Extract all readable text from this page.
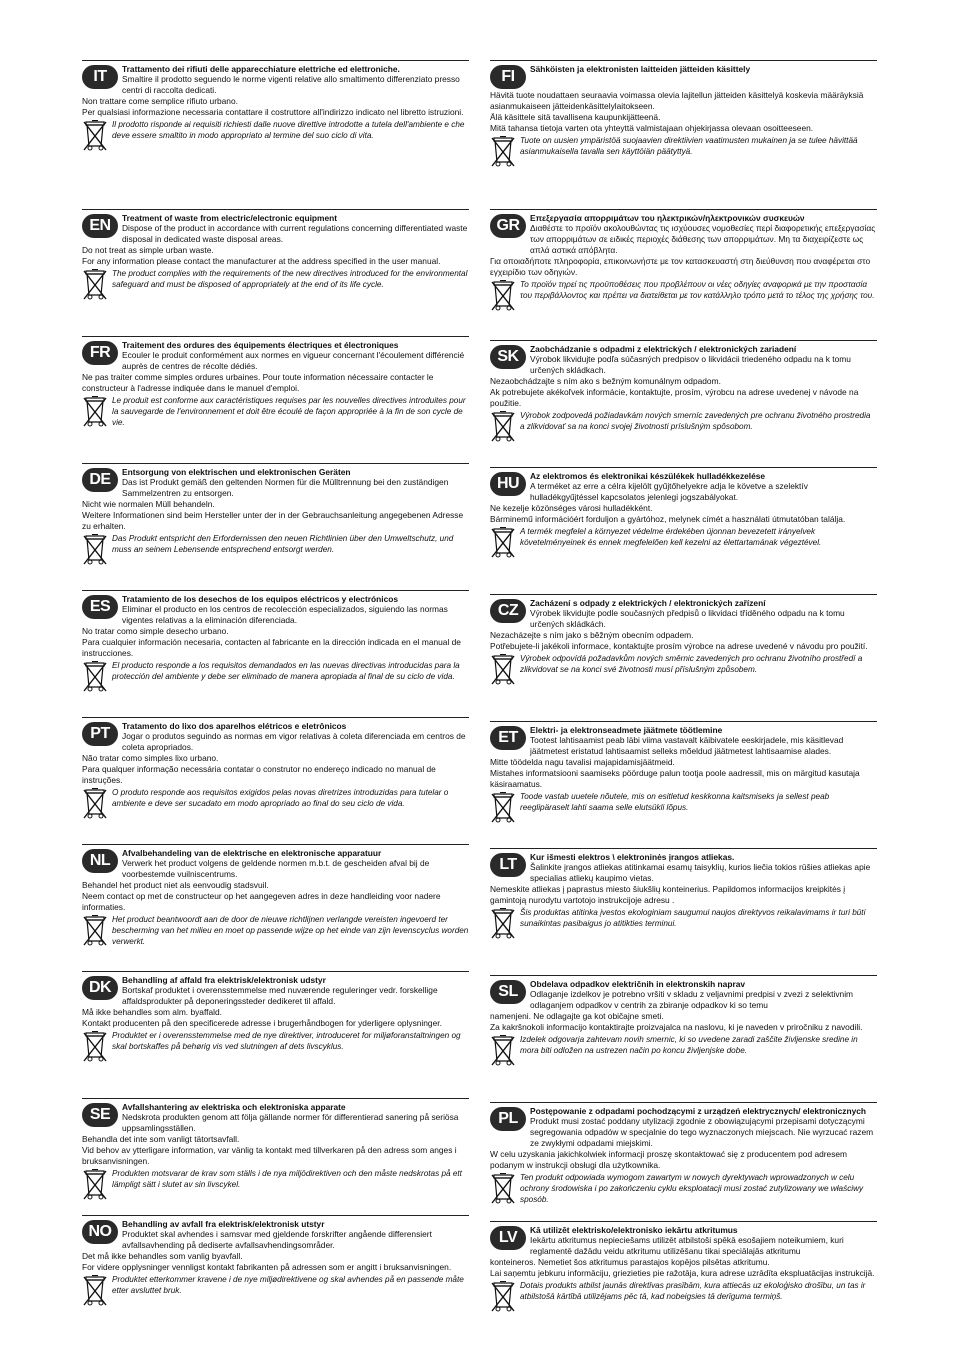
IT	Trattamento dei rifiuti delle apparecchiature elettriche ed elettroniche.
Smaltire il prodotto seguendo le norme vigenti relative allo smaltimento differenziato presso centri di raccolta dedicati.
Non trattare come semplice rifiuto urbano.
Per qualsiasi informazione necessaria contattare il costruttore all'indirizzo indicato nel libretto istruzioni.
Il prodotto risponde ai requisiti richiesti dalle nuove direttive introdotte a tutela dell'ambiente e che deve essere smaltito in modo appropriato al termine del suo ciclo di vita.
EN	Treatment of waste from electric/electronic equipment
Dispose of the product in accordance with current regulations concerning differentiated waste disposal in dedicated waste disposal areas.
Do not treat as simple urban waste.
For any information please contact the manufacturer at the address specified in the user manual.
The product complies with the requirements of the new directives introduced for the environmental safeguard and must be disposed of appropriately at the end of its life cycle.
FR	Traitement des ordures des équipements électriques et électroniques
Ecouler le produit conformément aux normes en vigueur concernant l'écoulement différencié auprès de centres de récolte dédiés.
Ne pas traiter comme simples ordures urbaines. Pour toute information nécessaire contacter le constructeur à l'adresse indiquée dans le manuel d'emploi.
Le produit est conforme aux caractéristiques requises par les nouvelles directives introduites pour la sauvegarde de l'environnement et doit être écoulé de façon appropriée à la fin de son cycle de vie.
DE	Entsorgung von elektrischen und elektronischen Geräten
Das ist Produkt gemäß den geltenden Normen für die Mülltrennung bei den zuständigen Sammelzentren zu entsorgen.
Nicht wie normalen Müll behandeln.
Weitere Informationen sind beim Hersteller unter der in der Gebrauchsanleitung angegebenen Adresse zu erhalten.
Das Produkt entspricht den Erfordernissen den neuen Richtlinien über den Umweltschutz, und muss an seinem Lebensende entsprechend entsorgt werden.
ES	Tratamiento de los desechos de los equipos eléctricos y electrónicos
Eliminar el producto en los centros de recolección especializados, siguiendo las normas vigentes relativas a la eliminación diferenciada.
No tratar como simple desecho urbano.
Para cualquier información necesaria, contacten al fabricante en la dirección indicada en el manual de instrucciones.
El producto responde a los requisitos demandados en las nuevas directivas introducidas para la protección del ambiente y debe ser eliminado de manera apropiada al final de su ciclo de vida.
PT	Tratamento do lixo dos aparelhos elétricos e eletrônicos
Jogar o produtos seguindo as normas em vigor relativas à coleta diferenciada em centros de coleta apropriados.
Não tratar como simples lixo urbano.
Para qualquer informação necessária contatar o construtor no endereço indicado no manual de instruções.
O produto responde aos requisitos exigidos pelas novas diretrizes introduzidas para tutelar o ambiente e deve ser sucadato em modo apropriado ao final do seu ciclo de vida.
NL	Afvalbehandeling van de elektrische en elektronische apparatuur
Verwerk het product volgens de geldende normen m.b.t. de gescheiden afval bij de voorbestemde vuilniscentrums.
Behandel het product niet als eenvoudig stadsvuil.
Neem contact op met de constructeur op het aangegeven adres in deze handleiding voor nadere informaties.
Het product beantwoordt aan de door de nieuwe richtlijnen verlangde vereisten ingevoerd ter bescherming van het milieu en moet op passende wijze op het einde van zijn levenscyclus worden verwerkt.
DK	Behandling af affald fra elektrisk/elektronisk udstyr
Bortskaf produktet i overensstemmelse med nuværende reguleringer vedr. forskellige affaldsprodukter på deponeringssteder dedikeret til affald.
Må ikke behandles som alm. byaffald.
Kontakt producenten på den specificerede adresse i brugerhåndbogen for yderligere oplysninger.
Produktet er i overensstemmelse med de nye direktiver, introduceret for miljøforanstaltningen og skal bortskaffes på behørig vis ved slutningen af dets livscyklus.
SE	Avfallshantering av elektriska och elektroniska apparate
Nedskrota produkten genom att följa gällande normer för differentierad sanering på seriösa uppsamlingsställen.
Behandla det inte som vanligt tätortsavfall.
Vid behov av ytterligare information, var vänlig ta kontakt med tillverkaren på den adress som anges i bruksanvisningen.
Produkten motsvarar de krav som ställs i de nya miljödirektiven och den måste nedskrotas på ett lämpligt sätt i slutet av sin livscykel.
NO	Behandling av avfall fra elektrisk/elektronisk utstyr
Produktet skal avhendes i samsvar med gjeldende forskrifter angående differensiert avfallsavhending på dediserte avfallsavhendingsområder.
Det må ikke behandles som vanlig byavfall.
For videre opplysninger vennligst kontakt fabrikanten på adressen som er angitt i bruksanvisningen.
Produktet etterkommer kravene i de nye miljødirektivene og skal avhendes på en passende måte etter avsluttet bruk.
FI	Sähköisten ja elektronisten laitteiden jätteiden käsittely
Hävitä tuote noudattaen seuraavia voimassa olevia lajitellun jätteiden käsittelyä koskevia määräyksiä asianmukaiseen jätteidenkäsittelylaitokseen.
Älä käsittele sitä tavallisena kaupunkijätteenä.
Mitä tahansa tietoja varten ota yhteyttä valmistajaan ohjekirjassa olevaan osoitteeseen.
Tuote on uusien ympäristöä suojaavien direktiivien vaatimusten mukainen ja se tulee hävittää asianmukaisella tavalla sen käyttöiän päätyttyä.
GR	Επεξεργασία απορριμάτων του ηλεκτρικών/ηλεκτρονικών συσκευών
Διαθέστε το προϊόν ακολουθώντας τις ισχύουσες νομοθεσίες περί διαφορετικής επεξεργασίας των απορριμάτων σε ειδικές περιοχές διάθεσης των απορριμάτων. Μη τα διαχειρίζεστε ως απλά αστικά απόβλητα.
Για οποιαδήποτε πληροφορία, επικοινωνήστε με τον κατασκευαστή στη διεύθυνση που αναφέρεται στο εγχειρίδιο των οδηγιών.
Το προϊόν τηρεί τις προϋποθέσεις που προβλέπουν οι νέες οδηγίες αναφορικά με την προστασία του περιβάλλοντος και πρέπει να διατείθεται με τον κατάλληλο τρόπο μετά το τέλος της χρήσης του.
SK	Zaobchádzanie s odpadmi z elektrických / elektronických zariadení
Výrobok likvidujte podľa súčasných predpisov o likvidácii triedeného odpadu na k tomu určených skládkach.
Nezaobchádzajte s ním ako s bežným komunálnym odpadom.
Ak potrebujete akékoľvek informácie, kontaktujte, prosím, výrobcu na adrese uvedenej v návode na použitie.
Výrobok zodpovedá požiadavkám nových smerníc zavedených pre ochranu životného prostredia a zlikvidovať sa na konci svojej životnosti príslušným spôsobom.
HU	Az elektromos és elektronikai készülékek hulladékkezelése
A terméket az erre a célra kijelölt gyűjtőhelyekre adja le követve a szelektív hulladékgyűjtéssel kapcsolatos jelenlegi jogszabályokat.
Ne kezelje közönséges városi hulladékként.
Bárminemű információért forduljon a gyártóhoz, melynek címét a használati útmutatóban találja.
A termék megfelel a környezet védelme érdekében újonnan bevezetett irányelvek követelményeinek és ennek megfelelően kell kezelni az élettartamának végeztével.
CZ	Zacházení s odpady z elektrických / elektronických zařízení
Výrobek likvidujte podle současných předpisů o likvidaci tříděného odpadu na k tomu určených skládkách.
Nezacházejte s ním jako s běžným obecním odpadem.
Potřebujete-li jakékoli informace, kontaktujte prosím výrobce na adrese uvedené v návodu pro použití.
Výrobek odpovídá požadavkům nových směrnic zavedených pro ochranu životního prostředí a zlikvidovat se na konci své životnosti musí příslušným způsobem.
ET	Elektri- ja elektronseadmete jäätmete töötlemine
Tootest lahtisaamist peab läbi viima vastavalt käibivatele eeskirjadele, mis käsitlevad jäätmetest eristatud lahtisaamist selleks mõeldud jäätmetest lahtisaamise alades.
Mitte töödelda nagu tavalisi majapidamisjäätmeid.
Mistahes informatsiooni saamiseks pöörduge palun tootja poole aadressil, mis on märgitud kasutaja käsiraamatus.
Toode vastab uuetele nõutele, mis on esitletud keskkonna kaitsmiseks ja sellest peab reeglipäraselt lahti saama selle elutsükli lõpus.
LT	Kur išmesti elektros \ elektroninės įrangos atliekas.
Šalinkite įrangos atliekas atitinkamai esamų taisyklių, kurios liečia tokios rūšies atliekas apie specialias atliekų kaupimo vietas.
Nemeskite atliekas į paprastus miesto šiukšlių konteinerius. Papildomos informacijos kreipkitės į gamintoją nurodytu vartotojo instrukcijoje adresu .
Šis produktas atitinka įvestos ekologiniam saugumui naujos direktyvos reikalavimams ir turi būti sunaikintas pasibaigus jo atitikties terminui.
SL	Obdelava odpadkov električnih in elektronskih naprav
Odlaganje izdelkov je potrebno vršiti v skladu z veljavnimi predpisi v zvezi z selektivnim odlaganjem odpadkov v centrih za zbiranje odpadkov ki so temu
namenjeni. Ne odlagajte ga kot običajne smeti.
Za kakršnokoli informacijo kontaktirajte proizvajalca na naslovu, ki je naveden v priročniku z navodili.
Izdelek odgovarja zahtevam novih smernic, ki so uvedene zaradi zaščite življenske sredine in mora biti odložen na ustrezen način po koncu življenjske dobe.
PL	Postępowanie z odpadami pochodzącymi z urządzeń elektrycznych/ elektronicznych
Produkt musi zostać poddany utylizacji zgodnie z obowiązującymi przepisami dotyczącymi segregowania odpadów w specjalnie do tego wyznaczonych miejscach. Nie wyrzucać razem ze zwykłymi odpadami miejskimi.
W celu uzyskania jakichkolwiek informacji proszę skontaktować się z producentem pod adresem podanym w instrukcji obsługi dla użytkownika.
Ten produkt odpowiada wymogom zawartym w nowych dyrektywach wprowadzonych w celu ochrony środowiska i po zakończeniu cyklu eksploatacji musi zostać zutylizowany we właściwy sposób.
LV	Kā utilizēt elektrisko/elektronisko iekārtu atkritumus
Iekārtu atkritumus nepieciešams utilizēt atbilstoši spēkā esošajiem noteikumiem, kuri reglamentē dažādu veidu atkritumu utilizēšanu tikai speciālajās atkritumu
konteineros. Nemetiet šos atkritumus parastajos kopējos pilsētas atkritumu.
Lai saņemtu jebkuru informāciju, griezieties pie ražotāja, kura adrese uzrādīta ekspluatācijas instrukcijā.
Dotais produkts atbilst jaunās direktīvas prasībām, kura attiecās uz ekoloģisko drošību, un tas ir atbilstošā kārtībā utilizējams pēc tā, kad nobeigsies tā derīguma termiņš.
